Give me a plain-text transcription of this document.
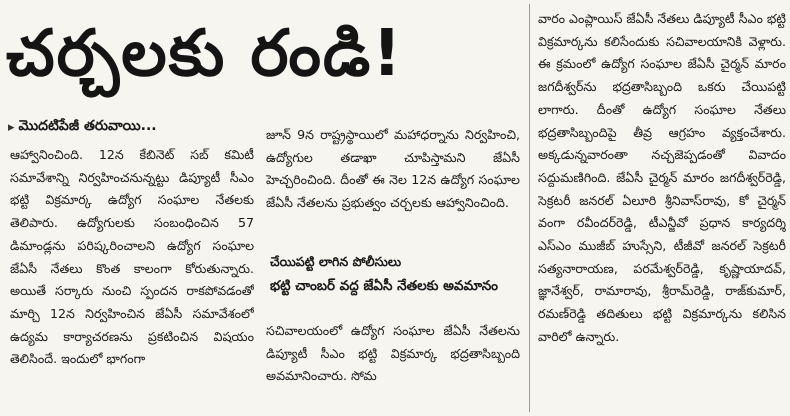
చర్చలకు రండి!
▸ మొదటిపేజీ తరువాయి...

ఆహ్వానించింది. 12న కేబినెట్ సబ్ కమిటీ సమావేశాన్ని నిర్వహించనున్నట్టు డిప్యూటీ సీఎం భట్టి విక్రమార్క ఉద్యోగ సంఘాల నేతలకు తెలిపారు. ఉద్యోగులకు సంబంధించిన 57 డిమాండ్లను పరిష్కరించాలని ఉద్యోగ సంఘాల జేఏసీ నేతలు కొంత కాలంగా కోరుతున్నారు. అయితే సర్కారు నుంచి స్పందన రాకపోవడంతో మార్చి 12న నిర్వహించిన జేఏసీ సమావేశంలో ఉద్యమ కార్యాచరణను ప్రకటించిన విషయం తెలిసిందే. ఇందులో భాగంగా

జూన్ 9న రాష్ట్రస్థాయిలో మహాధర్నాను నిర్వహించి, ఉద్యోగుల తడాఖా చూపిస్తామని జేఏసీ హెచ్చరించింది. దీంతో ఈ నెల 12న ఉద్యోగ సంఘాల జేఏసీ నేతలను ప్రభుత్వం చర్చలకు ఆహ్వానించింది.

చేయిపట్టి లాగిన పోలీసులు
భట్టి చాంబర్ వద్ద జేఏసీ నేతలకు అవమానం

సచివాలయంలో ఉద్యోగ సంఘాల జేఏసీ నేతలను డిప్యూటీ సీఎం భట్టి విక్రమార్క భద్రతాసిబ్బంది అవమానించారు. సోమ

వారం ఎంప్లాయిస్ జేఏసీ నేతలు డిప్యూటీ సీఎం భట్టి విక్రమార్కను కలిసేందుకు సచివాలయానికి వెళ్లారు. ఈ క్రమంలో ఉద్యోగ సంఘాల జేఏసీ చైర్మన్ మారం జగదీశ్వర్‌ను భద్రతాసిబ్బంది ఒకరు చేయిపట్టి లాగారు. దీంతో ఉద్యోగ సంఘాల నేతలు భద్రతాసిబ్బందిపై తీవ్ర ఆగ్రహం వ్యక్తంచేశారు. అక్కడున్నవారంతా నచ్చజెప్పడంతో వివాదం సద్దుమణిగింది. జేఏసీ చైర్మన్ మారం జగదీశ్వర్‌రెడ్డి, సెక్రటరీ జనరల్ ఏలూరి శ్రీనివాస్‌రావు, కో చైర్మన్ వంగా రవీందర్‌రెడ్డి, టీఎన్జీవో ప్రధాన కార్యదర్శి ఎస్ఎం ముజీబ్ హుస్సేని, టీజీవో జనరల్ సెక్రటరీ సత్యనారాయణ, పరమేశ్వర్‌రెడ్డి, కృష్ణాయాదవ్, జ్ఞానేశ్వర్, రామారావు, శ్రీరామ్‌రెడ్డి, రాజ్‌కుమార్, రమణ్‌రెడ్డి తదితులు భట్టి విక్రమార్కను కలిసిన వారిలో ఉన్నారు.
